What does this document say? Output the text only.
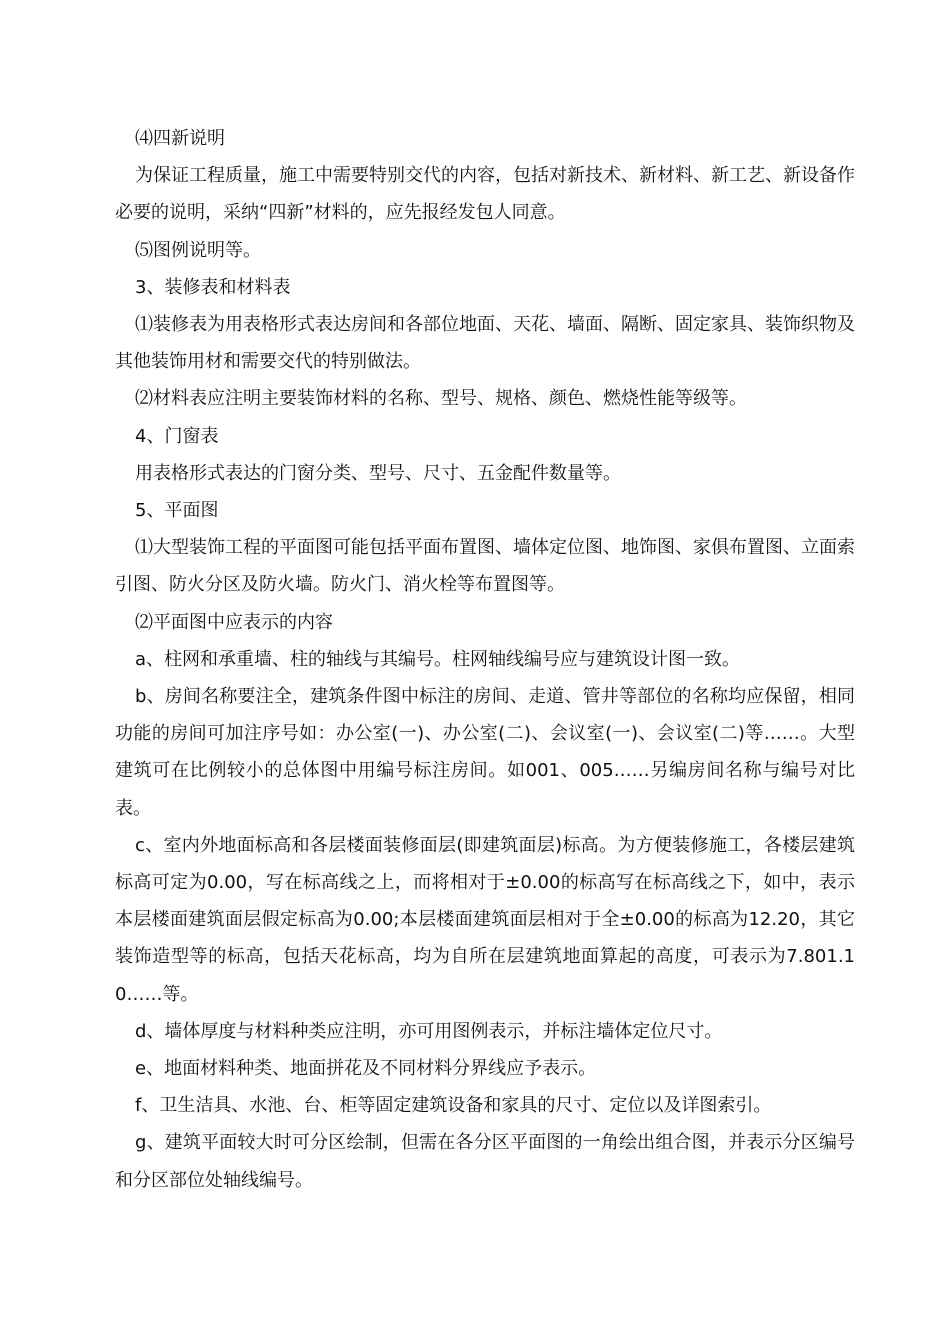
⑷四新说明

为保证工程质量，施工中需要特别交代的内容，包括对新技术、新材料、新工艺、新设备作必要的说明，采纳“四新”材料的，应先报经发包人同意。

⑸图例说明等。

3、装修表和材料表

⑴装修表为用表格形式表达房间和各部位地面、天花、墙面、隔断、固定家具、装饰织物及其他装饰用材和需要交代的特别做法。

⑵材料表应注明主要装饰材料的名称、型号、规格、颜色、燃烧性能等级等。

4、门窗表

用表格形式表达的门窗分类、型号、尺寸、五金配件数量等。

5、平面图

⑴大型装饰工程的平面图可能包括平面布置图、墙体定位图、地饰图、家俱布置图、立面索引图、防火分区及防火墙。防火门、消火栓等布置图等。

⑵平面图中应表示的内容

a、柱网和承重墙、柱的轴线与其编号。柱网轴线编号应与建筑设计图一致。

b、房间名称要注全，建筑条件图中标注的房间、走道、管井等部位的名称均应保留，相同功能的房间可加注序号如：办公室(一)、办公室(二)、会议室(一)、会议室(二)等……。大型建筑可在比例较小的总体图中用编号标注房间。如001、005……另编房间名称与编号对比表。

c、室内外地面标高和各层楼面装修面层(即建筑面层)标高。为方便装修施工，各楼层建筑标高可定为0.00，写在标高线之上，而将相对于±0.00的标高写在标高线之下，如中，表示本层楼面建筑面层假定标高为0.00;本层楼面建筑面层相对于全±0.00的标高为12.20，其它装饰造型等的标高，包括天花标高，均为自所在层建筑地面算起的高度，可表示为7.801.10……等。

d、墙体厚度与材料种类应注明，亦可用图例表示，并标注墙体定位尺寸。

e、地面材料种类、地面拼花及不同材料分界线应予表示。

f、卫生洁具、水池、台、柜等固定建筑设备和家具的尺寸、定位以及详图索引。

g、建筑平面较大时可分区绘制，但需在各分区平面图的一角绘出组合图，并表示分区编号和分区部位处轴线编号。
